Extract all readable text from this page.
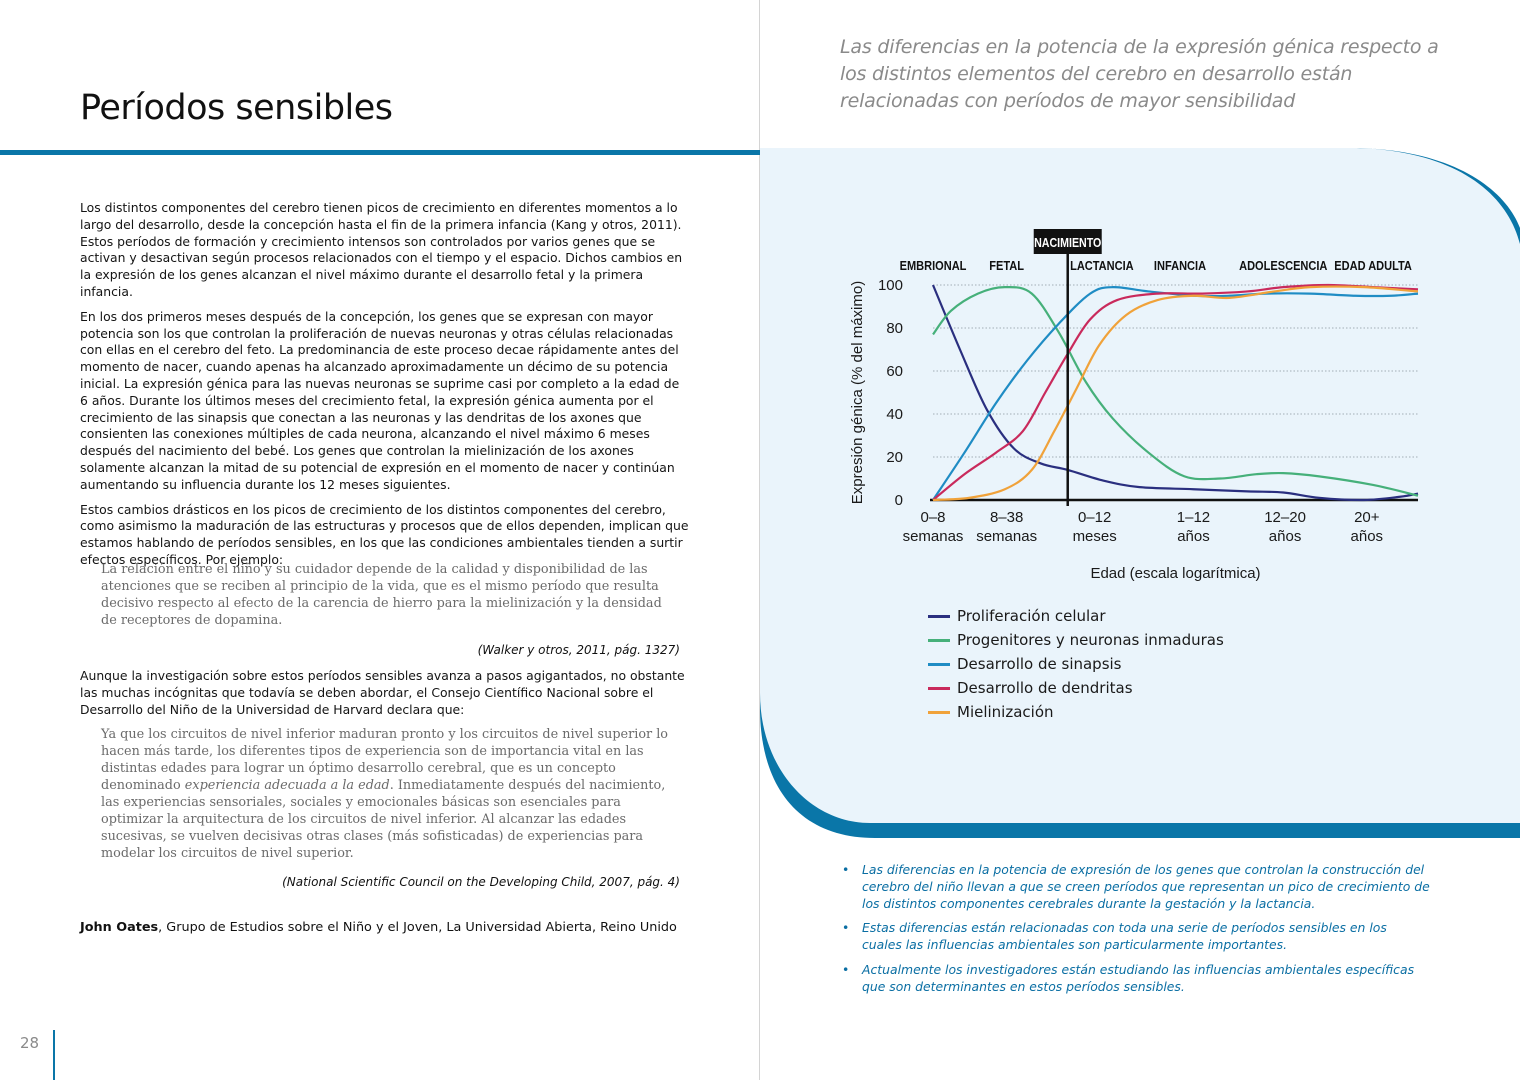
Períodos sensibles

Las diferencias en la potencia de la expresión génica respecto a los distintos elementos del cerebro en desarrollo están relacionadas con períodos de mayor sensibilidad

Los distintos componentes del cerebro tienen picos de crecimiento en diferentes momentos a lo largo del desarrollo, desde la concepción hasta el fin de la primera infancia (Kang y otros, 2011). Estos períodos de formación y crecimiento intensos son controlados por varios genes que se activan y desactivan según procesos relacionados con el tiempo y el espacio. Dichos cambios en la expresión de los genes alcanzan el nivel máximo durante el desarrollo fetal y la primera infancia.

En los dos primeros meses después de la concepción, los genes que se expresan con mayor potencia son los que controlan la proliferación de nuevas neuronas y otras células relacionadas con ellas en el cerebro del feto. La predominancia de este proceso decae rápidamente antes del momento de nacer, cuando apenas ha alcanzado aproximadamente un décimo de su potencia inicial. La expresión génica para las nuevas neuronas se suprime casi por completo a la edad de 6 años. Durante los últimos meses del crecimiento fetal, la expresión génica aumenta por el crecimiento de las sinapsis que conectan a las neuronas y las dendritas de los axones que consienten las conexiones múltiples de cada neurona, alcanzando el nivel máximo 6 meses después del nacimiento del bebé. Los genes que controlan la mielinización de los axones solamente alcanzan la mitad de su potencial de expresión en el momento de nacer y continúan aumentando su influencia durante los 12 meses siguientes.

Estos cambios drásticos en los picos de crecimiento de los distintos componentes del cerebro, como asimismo la maduración de las estructuras y procesos que de ellos dependen, implican que estamos hablando de períodos sensibles, en los que las condiciones ambientales tienden a surtir efectos específicos. Por ejemplo:

La relación entre el niño y su cuidador depende de la calidad y disponibilidad de las atenciones que se reciben al principio de la vida, que es el mismo período que resulta decisivo respecto al efecto de la carencia de hierro para la mielinización y la densidad de receptores de dopamina.

(Walker y otros, 2011, pág. 1327)

Aunque la investigación sobre estos períodos sensibles avanza a pasos agigantados, no obstante las muchas incógnitas que todavía se deben abordar, el Consejo Científico Nacional sobre el Desarrollo del Niño de la Universidad de Harvard declara que:

Ya que los circuitos de nivel inferior maduran pronto y los circuitos de nivel superior lo hacen más tarde, los diferentes tipos de experiencia son de importancia vital en las distintas edades para lograr un óptimo desarrollo cerebral, que es un concepto denominado experiencia adecuada a la edad. Inmediatamente después del nacimiento, las experiencias sensoriales, sociales y emocionales básicas son esenciales para optimizar la arquitectura de los circuitos de nivel inferior. Al alcanzar las edades sucesivas, se vuelven decisivas otras clases (más sofisticadas) de experiencias para modelar los circuitos de nivel superior.

(National Scientific Council on the Developing Child, 2007, pág. 4)

John Oates, Grupo de Estudios sobre el Niño y el Joven, La Universidad Abierta, Reino Unido

28
0
20
40
60
80
100
Expresión génica (% del máximo)
EMBRIONAL FETAL	LACTANCIA INFANCIA	ADOLESCENCIA EDAD ADULTA
NACIMIENTO
0–8
semanas
8–38
semanas
0–12
meses
1–12
años
12–20
años
20+
años
Edad (escala logarítmica)
Proliferación celular
Progenitores y neuronas inmaduras
Desarrollo de sinapsis
Desarrollo de dendritas
Mielinización
• Las diferencias en la potencia de expresión de los genes que controlan la construcción del cerebro del niño llevan a que se creen períodos que representan un pico de crecimiento de los distintos componentes cerebrales durante la gestación y la lactancia.
• Estas diferencias están relacionadas con toda una serie de períodos sensibles en los cuales las influencias ambientales son particularmente importantes.
• Actualmente los investigadores están estudiando las influencias ambientales específicas que son determinantes en estos períodos sensibles.
